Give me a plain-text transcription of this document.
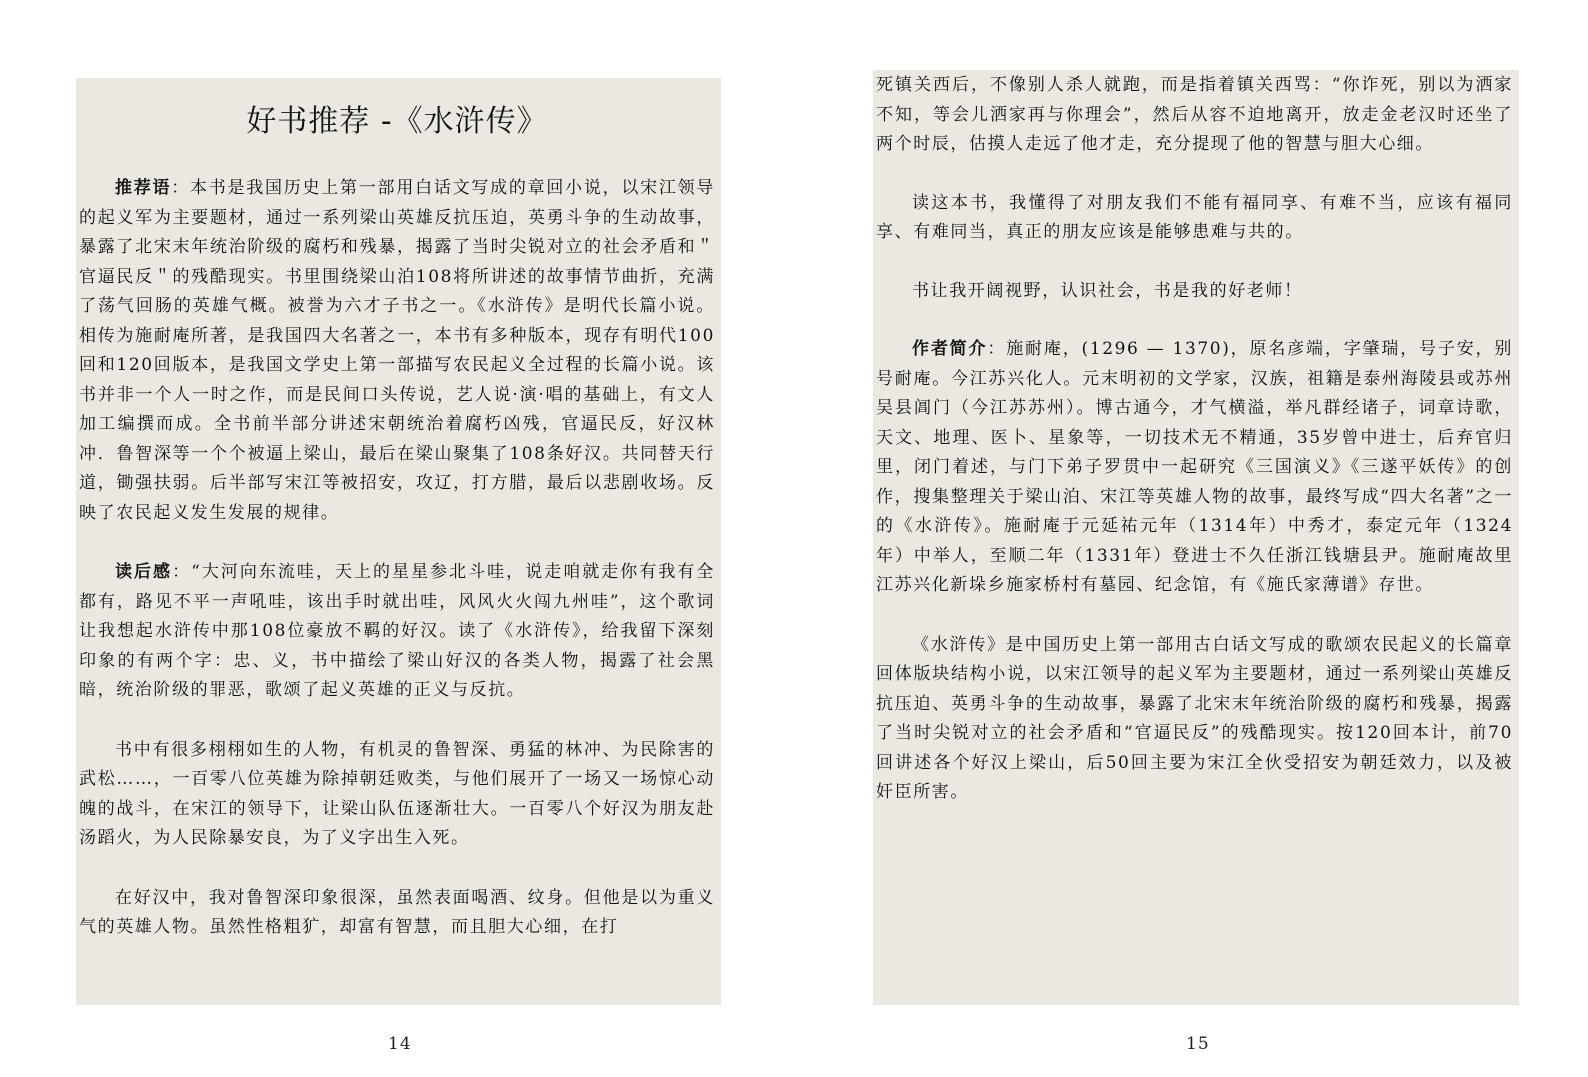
好书推荐 -《水浒传》

推荐语：本书是我国历史上第一部用白话文写成的章回小说，以宋江领导的起义军为主要题材，通过一系列梁山英雄反抗压迫，英勇斗争的生动故事，暴露了北宋末年统治阶级的腐朽和残暴，揭露了当时尖锐对立的社会矛盾和＂官逼民反＂的残酷现实。书里围绕梁山泊108将所讲述的故事情节曲折，充满了荡气回肠的英雄气概。被誉为六才子书之一。《水浒传》是明代长篇小说。相传为施耐庵所著，是我国四大名著之一，本书有多种版本，现存有明代100回和120回版本，是我国文学史上第一部描写农民起义全过程的长篇小说。该书并非一个人一时之作，而是民间口头传说，艺人说·演·唱的基础上，有文人加工编撰而成。全书前半部分讲述宋朝统治着腐朽凶残，官逼民反，好汉林冲．鲁智深等一个个被逼上梁山，最后在梁山聚集了108条好汉。共同替天行道，锄强扶弱。后半部写宋江等被招安，攻辽，打方腊，最后以悲剧收场。反映了农民起义发生发展的规律。

读后感：“大河向东流哇，天上的星星参北斗哇，说走咱就走你有我有全都有，路见不平一声吼哇，该出手时就出哇，风风火火闯九州哇”，这个歌词让我想起水浒传中那108位豪放不羁的好汉。读了《水浒传》，给我留下深刻印象的有两个字：忠、义，书中描绘了梁山好汉的各类人物，揭露了社会黑暗，统治阶级的罪恶，歌颂了起义英雄的正义与反抗。

书中有很多栩栩如生的人物，有机灵的鲁智深、勇猛的林冲、为民除害的武松……，一百零八位英雄为除掉朝廷败类，与他们展开了一场又一场惊心动魄的战斗，在宋江的领导下，让梁山队伍逐渐壮大。一百零八个好汉为朋友赴汤蹈火，为人民除暴安良，为了义字出生入死。

在好汉中，我对鲁智深印象很深，虽然表面喝酒、纹身。但他是以为重义气的英雄人物。虽然性格粗犷，却富有智慧，而且胆大心细，在打

死镇关西后，不像别人杀人就跑，而是指着镇关西骂：“你诈死，别以为洒家不知，等会儿洒家再与你理会”，然后从容不迫地离开，放走金老汉时还坐了两个时辰，估摸人走远了他才走，充分提现了他的智慧与胆大心细。

读这本书，我懂得了对朋友我们不能有福同享、有难不当，应该有福同享、有难同当，真正的朋友应该是能够患难与共的。

书让我开阔视野，认识社会，书是我的好老师！

作者简介：施耐庵，(1296 — 1370)，原名彦端，字肇瑞，号子安，别号耐庵。今江苏兴化人。元末明初的文学家，汉族，祖籍是泰州海陵县或苏州吴县阊门（今江苏苏州）。博古通今，才气横溢，举凡群经诸子，词章诗歌，天文、地理、医卜、星象等，一切技术无不精通，35岁曾中进士，后弃官归里，闭门着述，与门下弟子罗贯中一起研究《三国演义》《三遂平妖传》的创作，搜集整理关于梁山泊、宋江等英雄人物的故事，最终写成“四大名著”之一的《水浒传》。施耐庵于元延祐元年（1314年）中秀才，泰定元年（1324年）中举人，至顺二年（1331年）登进士不久任浙江钱塘县尹。施耐庵故里江苏兴化新垛乡施家桥村有墓园、纪念馆，有《施氏家薄谱》存世。

《水浒传》是中国历史上第一部用古白话文写成的歌颂农民起义的长篇章回体版块结构小说，以宋江领导的起义军为主要题材，通过一系列梁山英雄反抗压迫、英勇斗争的生动故事，暴露了北宋末年统治阶级的腐朽和残暴，揭露了当时尖锐对立的社会矛盾和“官逼民反”的残酷现实。按120回本计，前70回讲述各个好汉上梁山，后50回主要为宋江全伙受招安为朝廷效力，以及被奸臣所害。

14	15
